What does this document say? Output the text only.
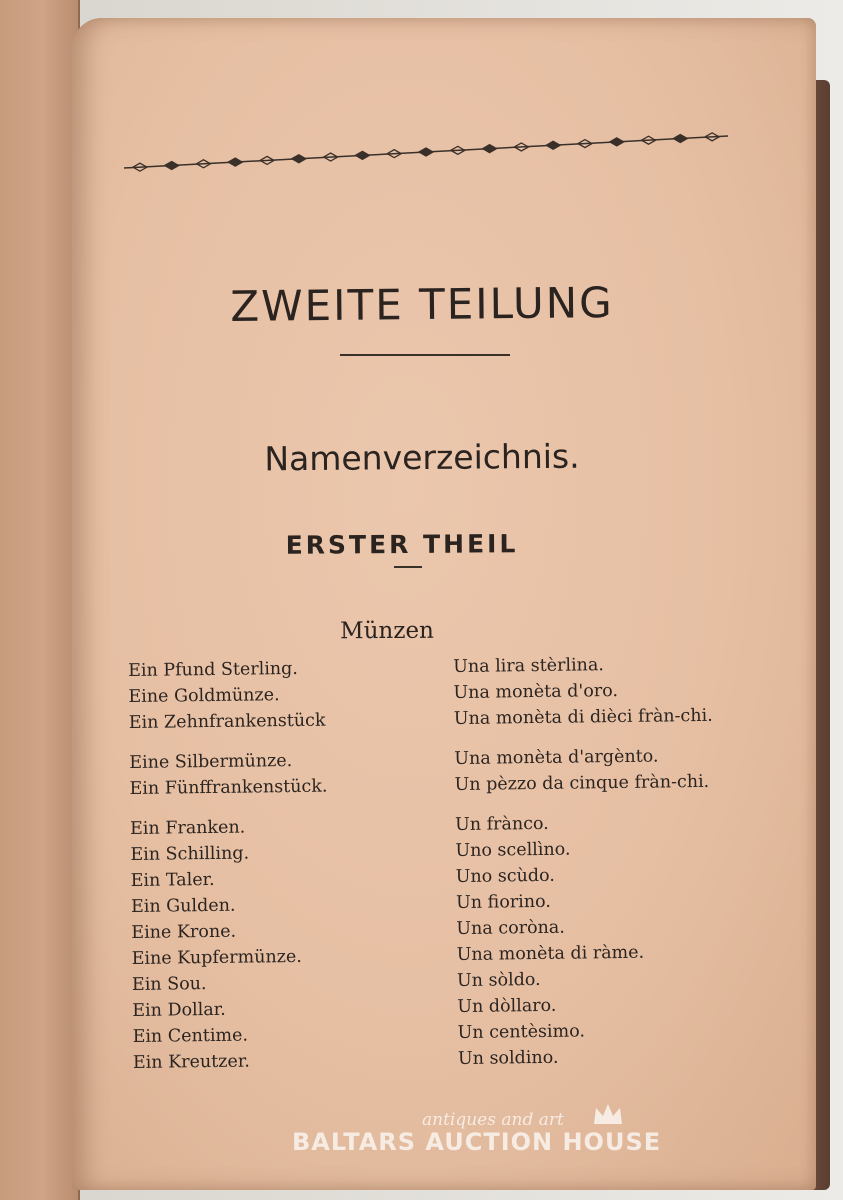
ZWEITE TEILUNG
Namenverzeichnis.
ERSTER THEIL
Münzen
Ein Pfund Sterling.	Una lira stèrlina.
Eine Goldmünze.	Una monèta d'oro.
Ein Zehnfrankenstück	Una monèta di dièci fràn-chi.
Eine Silbermünze.	Una monèta d'argènto.
Ein Fünffrankenstück.	Un pèzzo da cinque fràn-chi.
Ein Franken.	Un frànco.
Ein Schilling.	Uno scellìno.
Ein Taler.	Uno scùdo.
Ein Gulden.	Un fiorino.
Eine Krone.	Una coròna.
Eine Kupfermünze.	Una monèta di ràme.
Ein Sou.	Un sòldo.
Ein Dollar.	Un dòllaro.
Ein Centime.	Un centèsimo.
Ein Kreutzer.	Un soldino.
antiques and art
BALTARS AUCTION HOUSE
